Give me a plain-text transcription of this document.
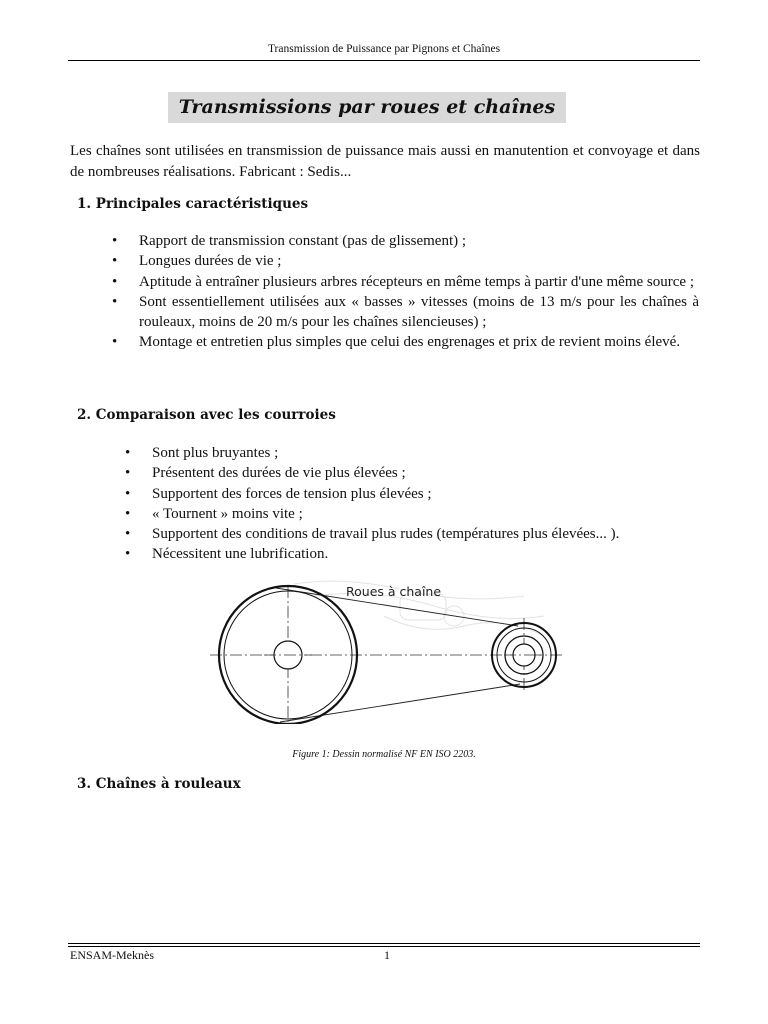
Transmission de Puissance par Pignons et Chaînes
Transmissions par roues et chaînes

Les chaînes sont utilisées en transmission de puissance mais aussi en manutention et convoyage et dans de nombreuses réalisations. Fabricant : Sedis...

1. Principales caractéristiques
•	Rapport de transmission constant (pas de glissement) ;
•	Longues durées de vie ;
•	Aptitude à entraîner plusieurs arbres récepteurs en même temps à partir d'une même source ;
•	Sont essentiellement utilisées aux « basses » vitesses (moins de 13 m/s pour les chaînes à rouleaux, moins de 20 m/s pour les chaînes silencieuses) ;
•	Montage et entretien plus simples que celui des engrenages et prix de revient moins élevé.
2. Comparaison avec les courroies
•	Sont plus bruyantes ;
•	Présentent des durées de vie plus élevées ;
•	Supportent des forces de tension plus élevées ;
•	« Tournent » moins vite ;
•	Supportent des conditions de travail plus rudes (températures plus élevées... ).
•	Nécessitent une lubrification.
Roues à chaîne
Figure 1: Dessin normalisé NF EN ISO 2203.
3. Chaînes à rouleaux
ENSAM-Meknès	1
